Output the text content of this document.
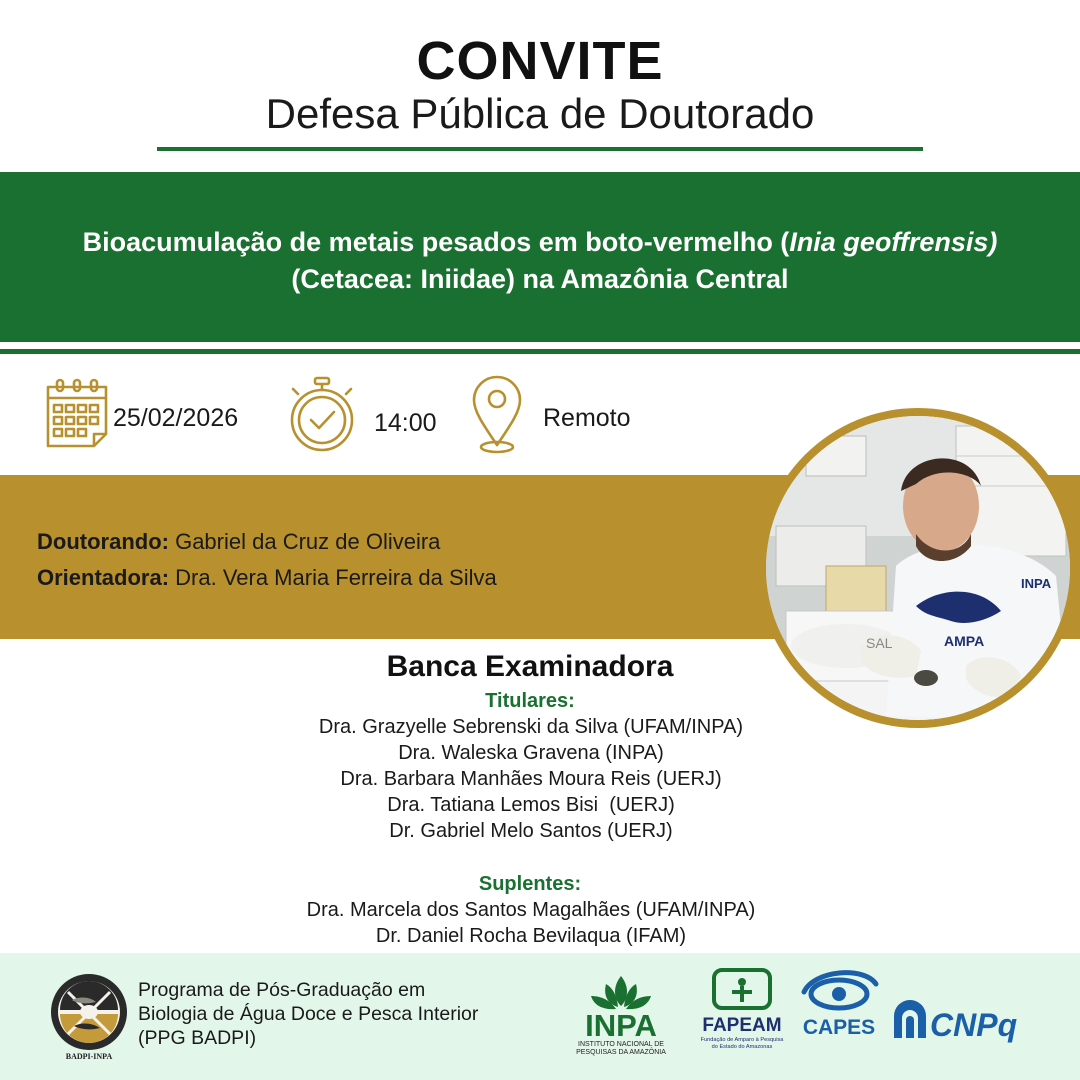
CONVITE
Defesa Pública de Doutorado
Bioacumulação de metais pesados em boto-vermelho (Inia geoffrensis) (Cetacea: Iniidae) na Amazônia Central
25/02/2026	14:00	Remoto
Doutorando: Gabriel da Cruz de Oliveira
Orientadora: Dra. Vera Maria Ferreira da Silva
AMPA
INPA
SAL
Banca Examinadora
Titulares:
Dra. Grazyelle Sebrenski da Silva (UFAM/INPA)
Dra. Waleska Gravena (INPA)
Dra. Barbara Manhães Moura Reis (UERJ)
Dra. Tatiana Lemos Bisi  (UERJ)
Dr. Gabriel Melo Santos (UERJ)
Suplentes:
Dra. Marcela dos Santos Magalhães (UFAM/INPA)
Dr. Daniel Rocha Bevilaqua (IFAM)
BADPI-INPA
Programa de Pós-Graduação em
Biologia de Água Doce e Pesca Interior
(PPG BADPI)	INPA
INSTITUTO NACIONAL DE
PESQUISAS DA AMAZÔNIA
FAPEAM
Fundação de Amparo à Pesquisa
do Estado do Amazonas
CAPES CNPq
